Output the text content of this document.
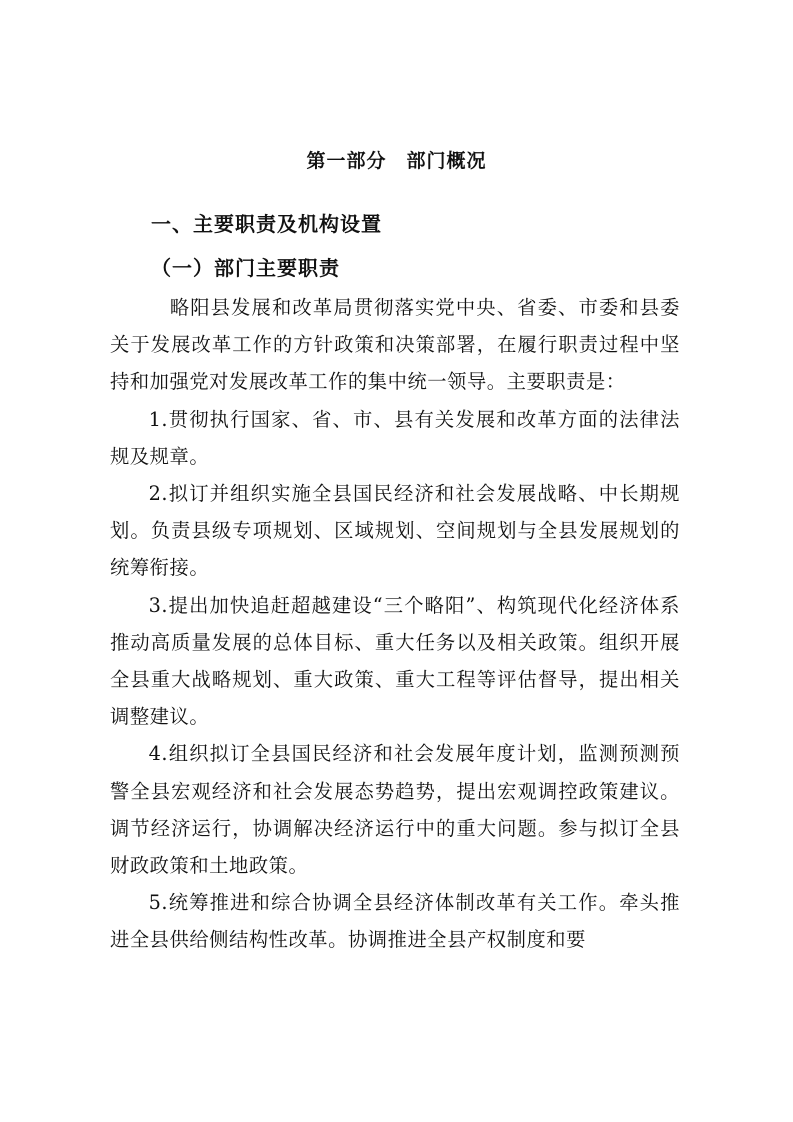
第一部分　部门概况
一、主要职责及机构设置
（一）部门主要职责

略阳县发展和改革局贯彻落实党中央、省委、市委和县委关于发展改革工作的方针政策和决策部署，在履行职责过程中坚持和加强党对发展改革工作的集中统一领导。主要职责是：

1.贯彻执行国家、省、市、县有关发展和改革方面的法律法规及规章。

2.拟订并组织实施全县国民经济和社会发展战略、中长期规划。负责县级专项规划、区域规划、空间规划与全县发展规划的统筹衔接。

3.提出加快追赶超越建设“三个略阳”、构筑现代化经济体系推动高质量发展的总体目标、重大任务以及相关政策。组织开展全县重大战略规划、重大政策、重大工程等评估督导，提出相关调整建议。

4.组织拟订全县国民经济和社会发展年度计划，监测预测预警全县宏观经济和社会发展态势趋势，提出宏观调控政策建议。调节经济运行，协调解决经济运行中的重大问题。参与拟订全县财政政策和土地政策。

5.统筹推进和综合协调全县经济体制改革有关工作。牵头推进全县供给侧结构性改革。协调推进全县产权制度和要
